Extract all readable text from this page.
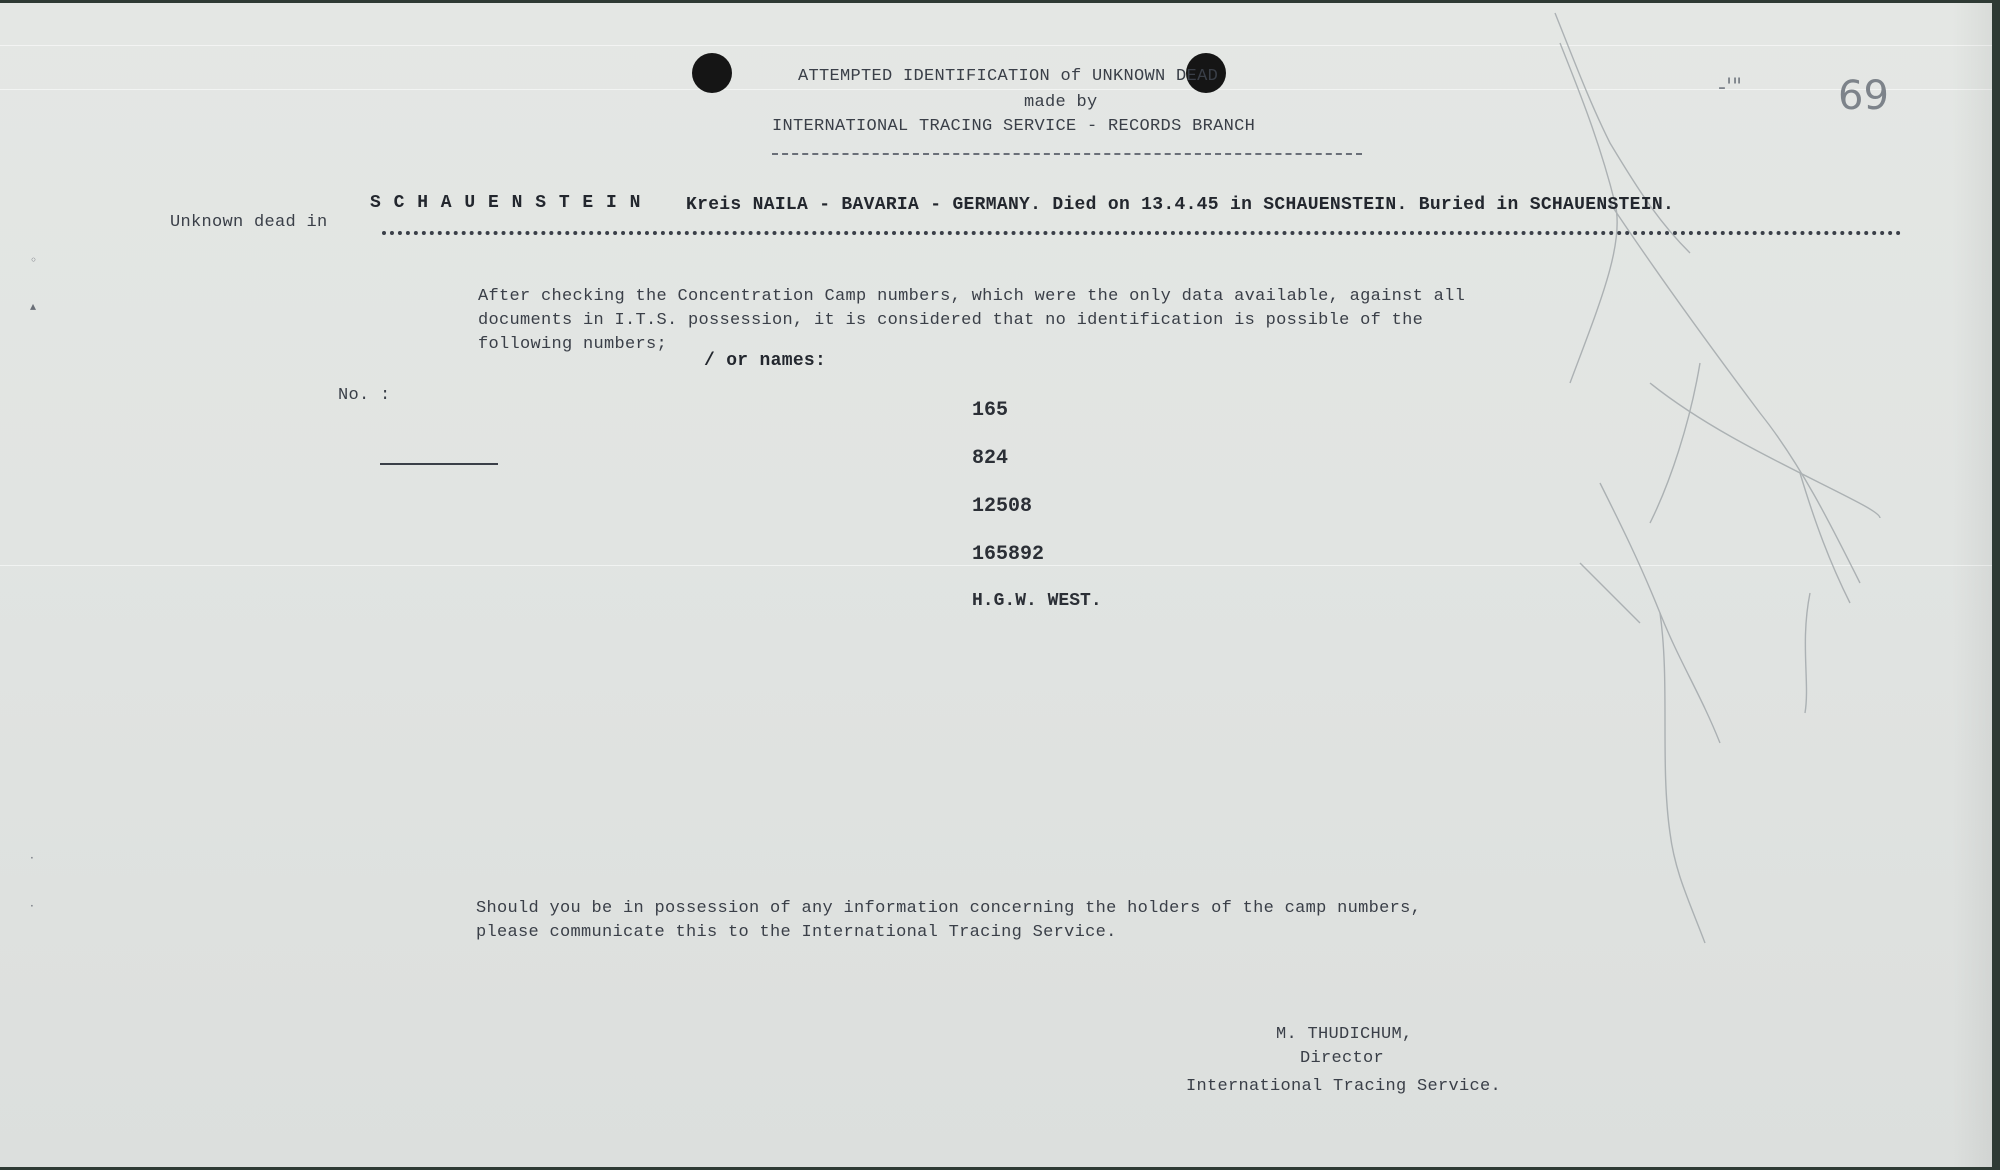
ATTEMPTED IDENTIFICATION of UNKNOWN DEAD
made by
INTERNATIONAL TRACING SERVICE - RECORDS BRANCH
-'" 69
Unknown dead in
S C H A U E N S T E I N Kreis NAILA - BAVARIA - GERMANY. Died on 13.4.45 in SCHAUENSTEIN. Buried in SCHAUENSTEIN.
After checking the Concentration Camp numbers, which were the only data available, against all
documents in I.T.S. possession, it is considered that no identification is possible of the
following numbers;
/ or names:
No. :
165
824
12508
165892
H.G.W. WEST.
Should you be in possession of any information concerning the holders of the camp numbers,
please communicate this to the International Tracing Service.
M. THUDICHUM,
Director
International Tracing Service.
◦
▴
·
·
